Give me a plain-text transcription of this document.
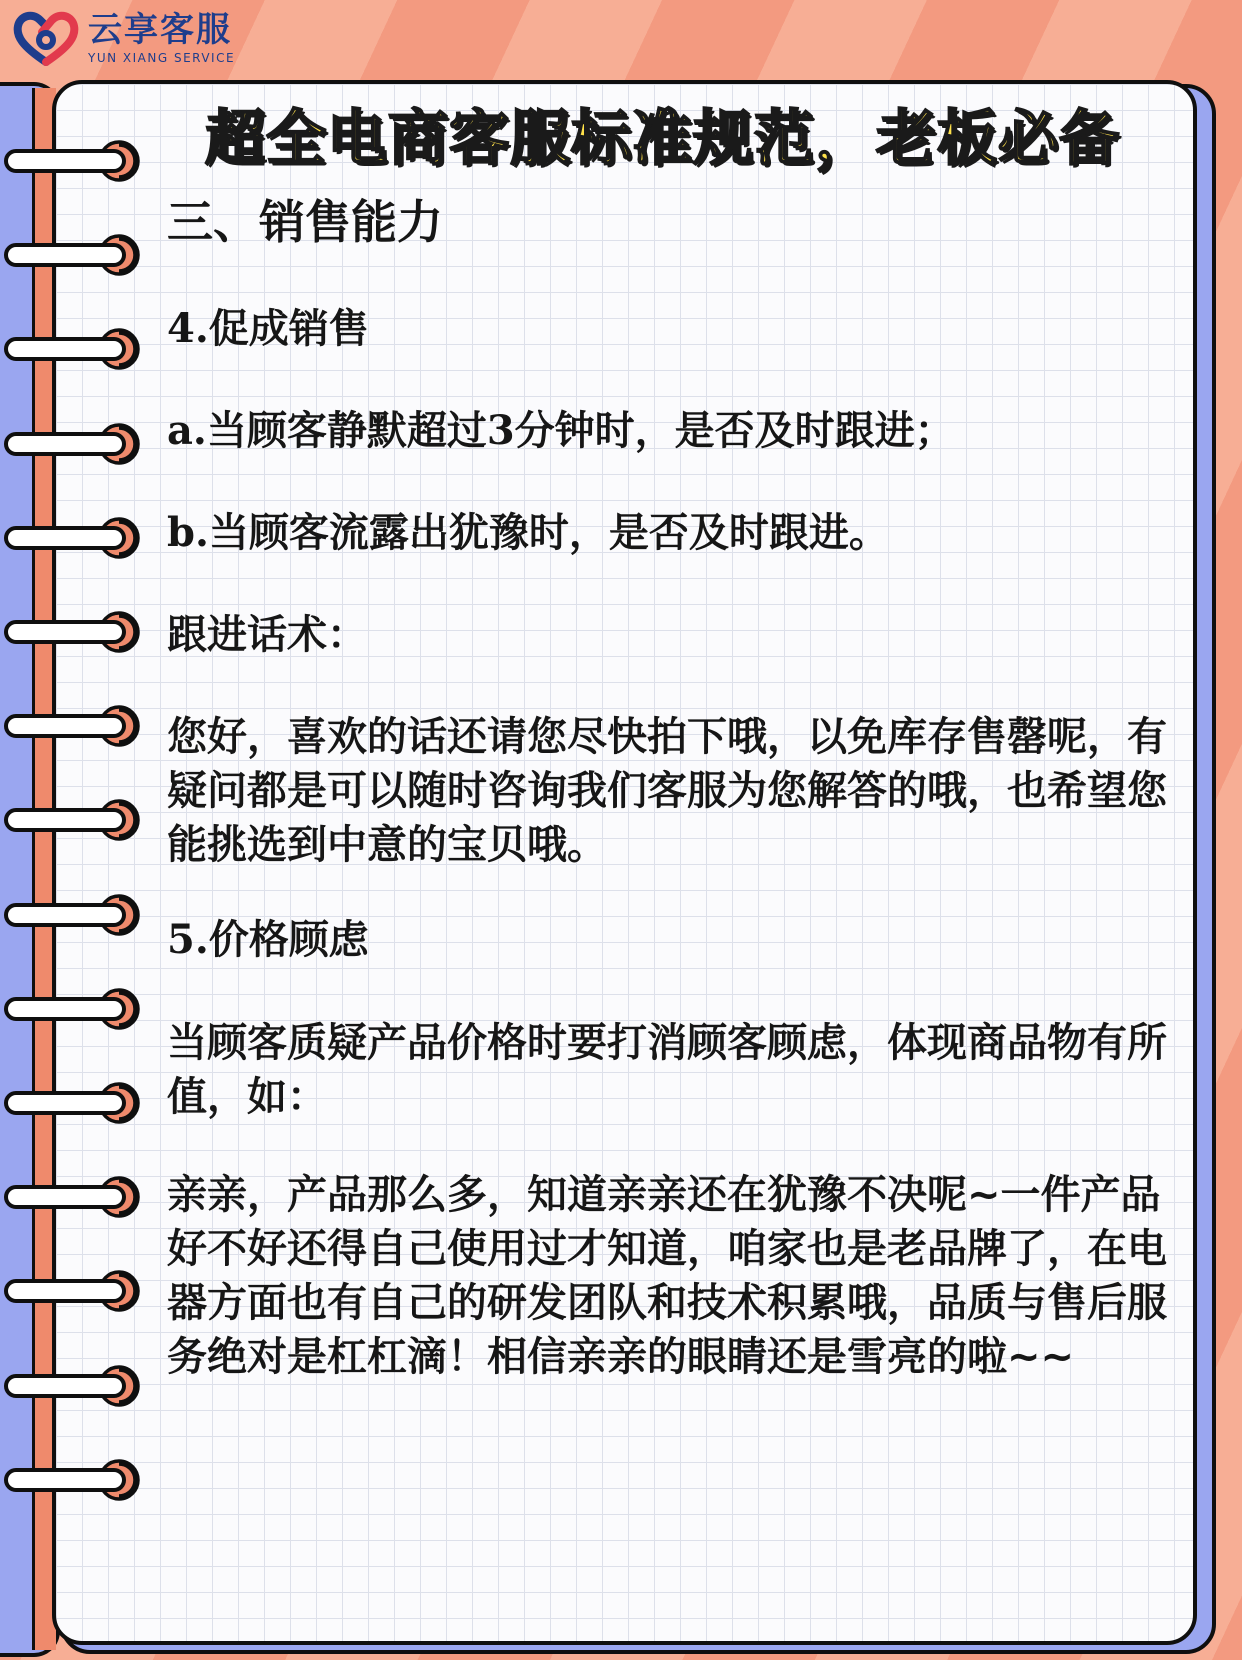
云享客服
YUN XIANG SERVICE
超全电商客服标准规范，老板必备
三、销售能力
4.促成销售
a.当顾客静默超过3分钟时，是否及时跟进；
b.当顾客流露出犹豫时，是否及时跟进。
跟进话术：
您好，喜欢的话还请您尽快拍下哦，以免库存售罄呢，有疑问都是可以随时咨询我们客服为您解答的哦，也希望您能挑选到中意的宝贝哦。
5.价格顾虑
当顾客质疑产品价格时要打消顾客顾虑，体现商品物有所值，如：
亲亲，产品那么多，知道亲亲还在犹豫不决呢~一件产品好不好还得自己使用过才知道，咱家也是老品牌了，在电器方面也有自己的研发团队和技术积累哦，品质与售后服务绝对是杠杠滴！相信亲亲的眼睛还是雪亮的啦~~
